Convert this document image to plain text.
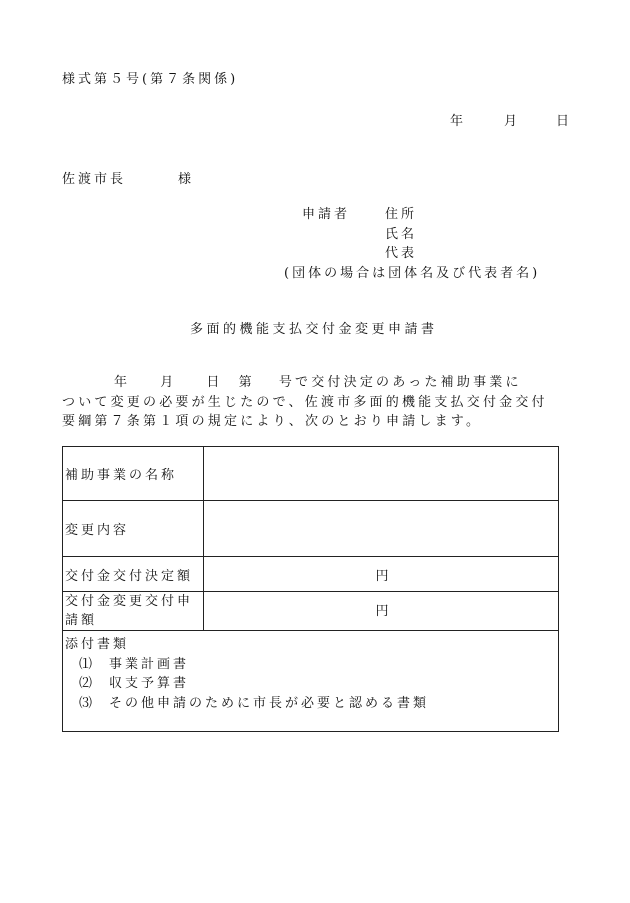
様式第５号(第７条関係)
年	月	日
佐渡市長	様
申請者	住所
氏名
代表
(団体の場合は団体名及び代表者名)
多面的機能支払交付金変更申請書
年 月 日 第 号で交付決定のあった補助事業に
ついて変更の必要が生じたので、佐渡市多面的機能支払交付金交付
要綱第７条第１項の規定により、次のとおり申請します。
補助事業の名称	
変更内容	
交付金交付決定額	円
交付金変更交付申
請額	円

添付書類
⑴ 事業計画書
⑵ 収支予算書
⑶ その他申請のために市長が必要と認める書類	
